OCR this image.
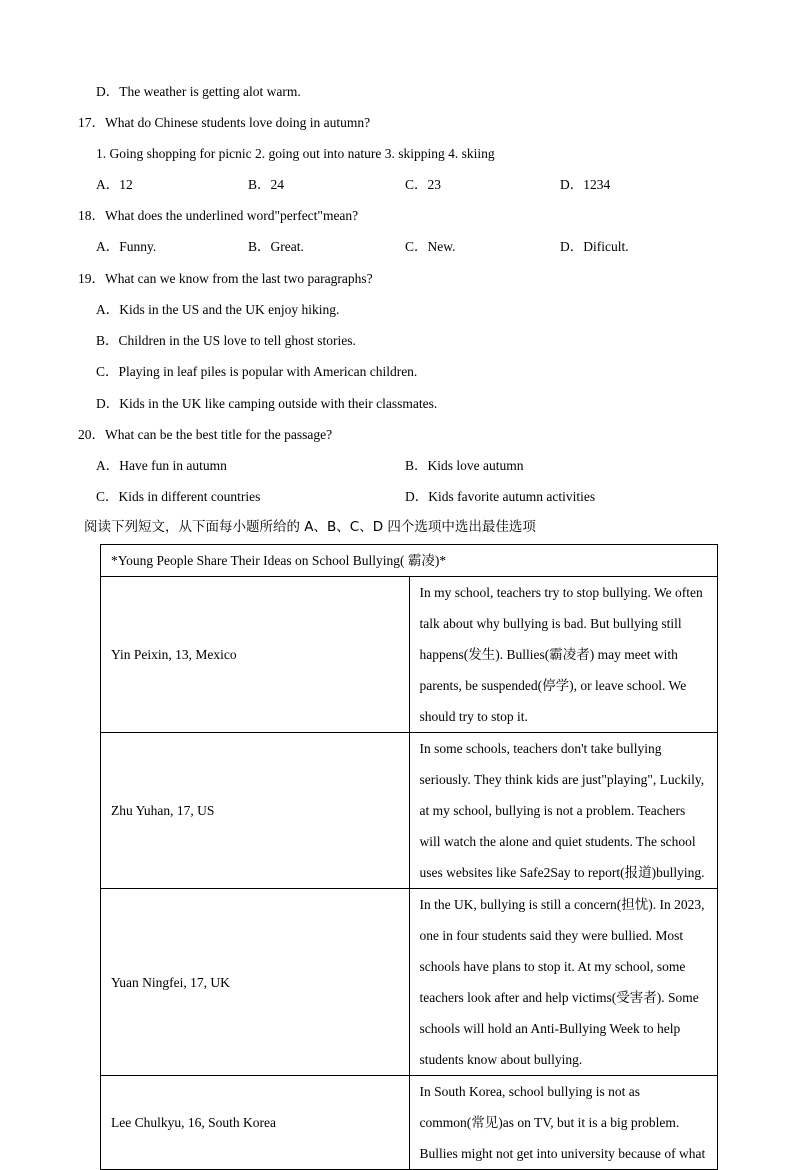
D．The weather is getting alot warm.
17．What do Chinese students love doing in autumn?
1. Going shopping for picnic 2. going out into nature 3. skipping 4. skiing
A．12	B．24	C．23	D．1234
18．What does the underlined word"perfect"mean?
A．Funny.	B．Great.	C．New.	D．Dificult.
19．What can we know from the last two paragraphs?
A．Kids in the US and the UK enjoy hiking.
B．Children in the US love to tell ghost stories.
C．Playing in leaf piles is popular with American children.
D．Kids in the UK like camping outside with their classmates.
20．What can be the best title for the passage?
A．Have fun in autumn	B．Kids love autumn
C．Kids in different countries	D．Kids favorite autumn activities
阅读下列短文，从下面每小题所给的 A、B、C、D 四个选项中选出最佳选项
*Young People Share Their Ideas on School Bullying( 霸凌)*	
Yin Peixin, 13, Mexico	In my school, teachers try to stop bullying. We often talk about why bullying is bad. But bullying still happens(发生). Bullies(霸凌者) may meet with parents, be suspended(停学), or leave school. We should try to stop it.
Zhu Yuhan, 17, US	In some schools, teachers don't take bullying seriously. They think kids are just"playing", Luckily, at my school, bullying is not a problem. Teachers will watch the alone and quiet students. The school uses websites like Safe2Say to report(报道)bullying.
Yuan Ningfei, 17, UK	In the UK, bullying is still a concern(担忧). In 2023, one in four students said they were bullied. Most schools have plans to stop it. At my school, some teachers look after and help victims(受害者). Some schools will hold an Anti-Bullying Week to help students know about bullying.
Lee Chulkyu, 16, South Korea	In South Korea, school bullying is not as common(常见)as on TV, but it is a big problem. Bullies might not get into university because of what
